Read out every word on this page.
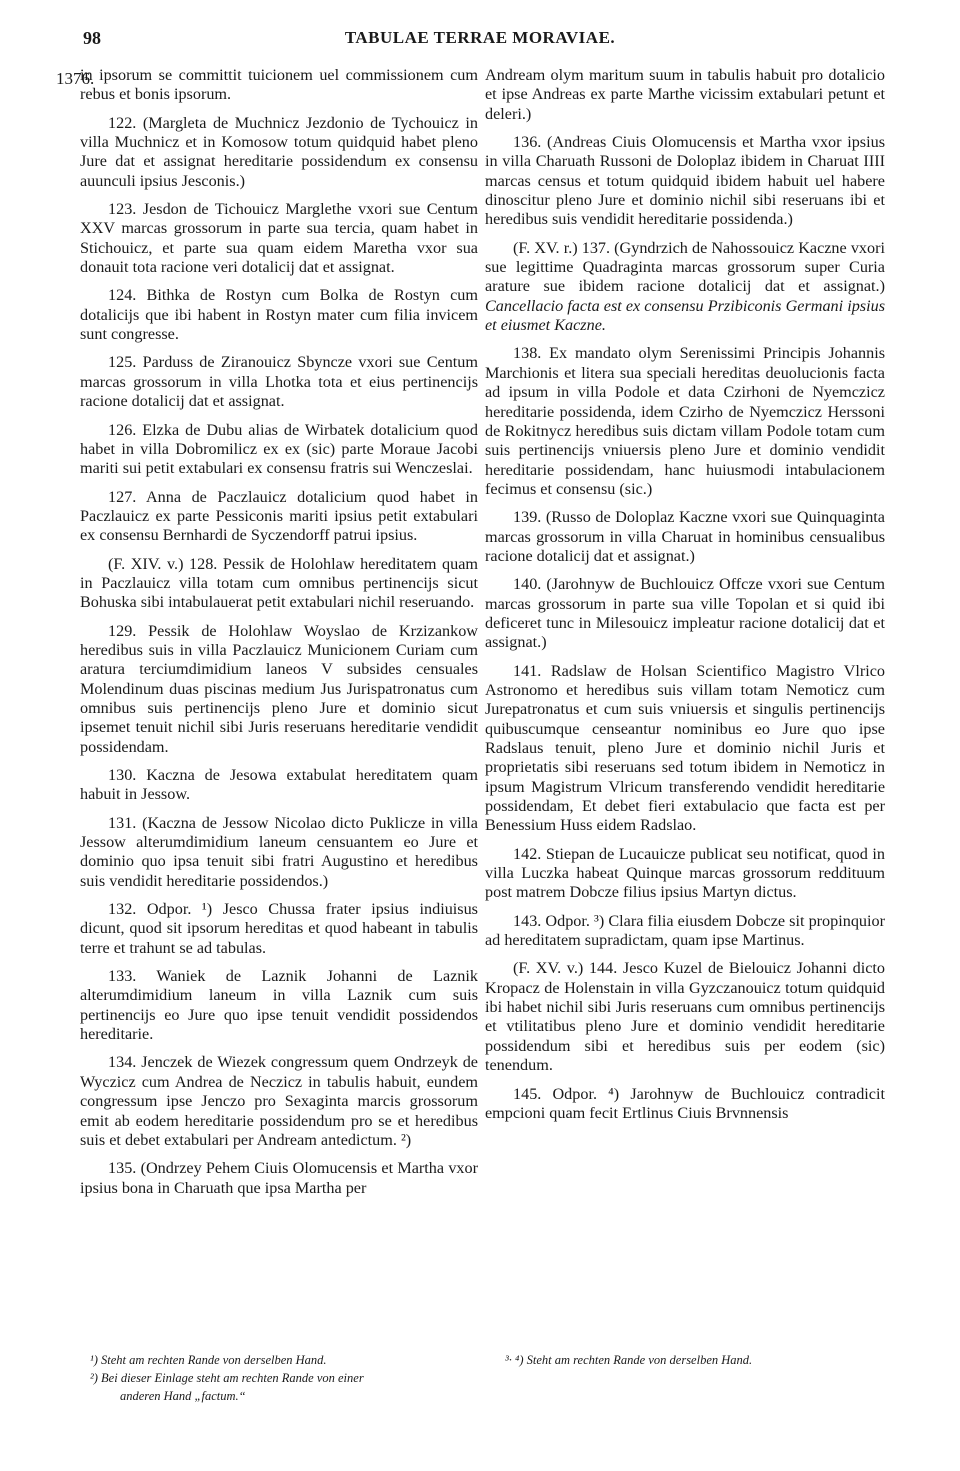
98	TABULAE TERRAE MORAVIAE.
1376.

in ipsorum se committit tuicionem uel commissionem cum rebus et bonis ipsorum.

122. (Margleta de Muchnicz Jezdonio de Tychouicz in villa Muchnicz et in Komosow totum quidquid habet pleno Jure dat et assignat hereditarie possidendum ex consensu auunculi ipsius Jesconis.)

123. Jesdon de Tichouicz Marglethe vxori sue Centum XXV marcas grossorum in parte sua tercia, quam habet in Stichouicz, et parte sua quam eidem Maretha vxor sua donauit tota racione veri dotalicij dat et assignat.

124. Bithka de Rostyn cum Bolka de Rostyn cum dotalicijs que ibi habent in Rostyn mater cum filia invicem sunt congresse.

125. Parduss de Ziranouicz Sbyncze vxori sue Centum marcas grossorum in villa Lhotka tota et eius pertinencijs racione dotalicij dat et assignat.

126. Elzka de Dubu alias de Wirbatek dotalicium quod habet in villa Dobromilicz ex ex (sic) parte Moraue Jacobi mariti sui petit extabulari ex consensu fratris sui Wenczeslai.

127. Anna de Paczlauicz dotalicium quod habet in Paczlauicz ex parte Pessiconis mariti ipsius petit extabulari ex consensu Bernhardi de Syczendorff patrui ipsius.

(F. XIV. v.) 128. Pessik de Holohlaw hereditatem quam in Paczlauicz villa totam cum omnibus pertinencijs sicut Bohuska sibi intabulauerat petit extabulari nichil reseruando.

129. Pessik de Holohlaw Woyslao de Krzizankow heredibus suis in villa Paczlauicz Municionem Curiam cum aratura terciumdimidium laneos V subsides censuales Molendinum duas piscinas medium Jus Jurispatronatus cum omnibus suis pertinencijs pleno Jure et dominio sicut ipsemet tenuit nichil sibi Juris reseruans hereditarie vendidit possidendam.

130. Kaczna de Jesowa extabulat hereditatem quam habuit in Jessow.

131. (Kaczna de Jessow Nicolao dicto Puklicze in villa Jessow alterumdimidium laneum censuantem eo Jure et dominio quo ipsa tenuit sibi fratri Augustino et heredibus suis vendidit hereditarie possidendos.)

132. Odpor. ¹) Jesco Chussa frater ipsius indiuisus dicunt, quod sit ipsorum hereditas et quod habeant in tabulis terre et trahunt se ad tabulas.

133. Waniek de Laznik Johanni de Laznik alterumdimidium laneum in villa Laznik cum suis pertinencijs eo Jure quo ipse tenuit vendidit possidendos hereditarie.

134. Jenczek de Wiezek congressum quem Ondrzeyk de Wyczicz cum Andrea de Neczicz in tabulis habuit, eundem congressum ipse Jenczo pro Sexaginta marcis grossorum emit ab eodem hereditarie possidendum pro se et heredibus suis et debet extabulari per Andream antedictum. ²)

135. (Ondrzey Pehem Ciuis Olomucensis et Martha vxor ipsius bona in Charuath que ipsa Martha per

Andream olym maritum suum in tabulis habuit pro dotalicio et ipse Andreas ex parte Marthe vicissim extabulari petunt et deleri.)

136. (Andreas Ciuis Olomucensis et Martha vxor ipsius in villa Charuath Russoni de Doloplaz ibidem in Charuat IIII marcas census et totum quidquid ibidem habuit uel habere dinoscitur pleno Jure et dominio nichil sibi reseruans ibi et heredibus suis vendidit hereditarie possidenda.)

(F. XV. r.) 137. (Gyndrzich de Nahossouicz Kaczne vxori sue legittime Quadraginta marcas grossorum super Curia arature sue ibidem racione dotalicij dat et assignat.) Cancellacio facta est ex consensu Przibiconis Germani ipsius et eiusmet Kaczne.

138. Ex mandato olym Serenissimi Principis Johannis Marchionis et litera sua speciali hereditas deuolucionis facta ad ipsum in villa Podole et data Czirhoni de Nyemczicz hereditarie possidenda, idem Czirho de Nyemczicz Herssoni de Rokitnycz heredibus suis dictam villam Podole totam cum suis pertinencijs vniuersis pleno Jure et dominio vendidit hereditarie possidendam, hanc huiusmodi intabulacionem fecimus et consensu (sic.)

139. (Russo de Doloplaz Kaczne vxori sue Quinquaginta marcas grossorum in villa Charuat in hominibus censualibus racione dotalicij dat et assignat.)

140. (Jarohnyw de Buchlouicz Offcze vxori sue Centum marcas grossorum in parte sua ville Topolan et si quid ibi deficeret tunc in Milesouicz impleatur racione dotalicij dat et assignat.)

141. Radslaw de Holsan Scientifico Magistro Vlrico Astronomo et heredibus suis villam totam Nemoticz cum Jurepatronatus et cum suis vniuersis et singulis pertinencijs quibuscumque censeantur nominibus eo Jure quo ipse Radslaus tenuit, pleno Jure et dominio nichil Juris et proprietatis sibi reseruans sed totum ibidem in Nemoticz in ipsum Magistrum Vlricum transferendo vendidit hereditarie possidendam, Et debet fieri extabulacio que facta est per Benessium Huss eidem Radslao.

142. Stiepan de Lucauicze publicat seu notificat, quod in villa Luczka habeat Quinque marcas grossorum reddituum post matrem Dobcze filius ipsius Martyn dictus.

143. Odpor. ³) Clara filia eiusdem Dobcze sit propinquior ad hereditatem supradictam, quam ipse Martinus.

(F. XV. v.) 144. Jesco Kuzel de Bielouicz Johanni dicto Kropacz de Holenstain in villa Gyzczanouicz totum quidquid ibi habet nichil sibi Juris reseruans cum omnibus pertinencijs et vtilitatibus pleno Jure et dominio vendidit hereditarie possidendum sibi et heredibus suis per eodem (sic) tenendum.

145. Odpor. ⁴) Jarohnyw de Buchlouicz contradicit empcioni quam fecit Ertlinus Ciuis Brvnnensis

¹) Steht am rechten Rande von derselben Hand.

²) Bei dieser Einlage steht am rechten Rande von einer

anderen Hand „factum.“

³· ⁴) Steht am rechten Rande von derselben Hand.
